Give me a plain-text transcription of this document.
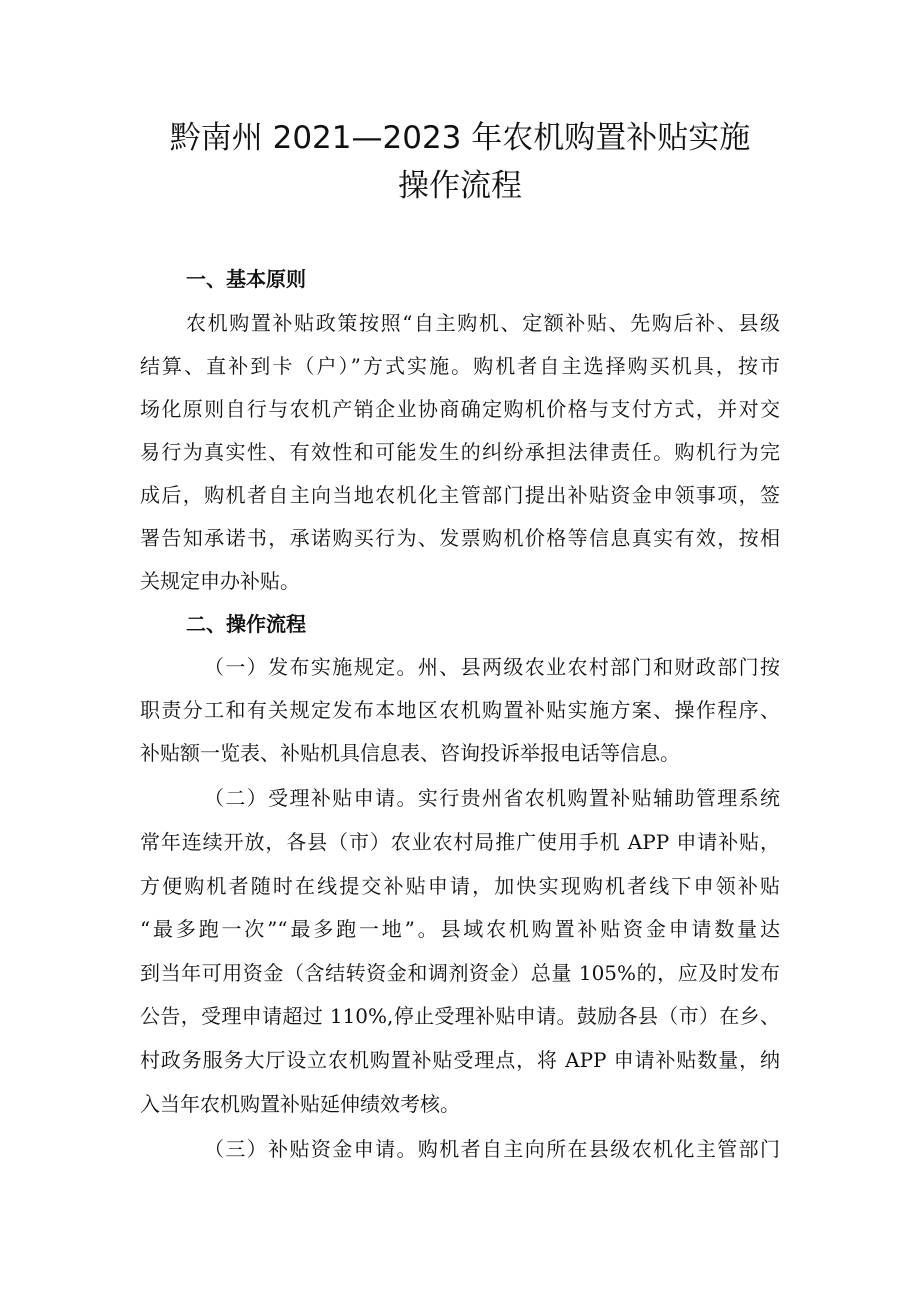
黔南州 2021—2023 年农机购置补贴实施
操作流程
一、基本原则
农机购置补贴政策按照“自主购机、定额补贴、先购后补、县级
结算、直补到卡（户）”方式实施。购机者自主选择购买机具，按市
场化原则自行与农机产销企业协商确定购机价格与支付方式，并对交
易行为真实性、有效性和可能发生的纠纷承担法律责任。购机行为完
成后，购机者自主向当地农机化主管部门提出补贴资金申领事项，签
署告知承诺书，承诺购买行为、发票购机价格等信息真实有效，按相
关规定申办补贴。
二、操作流程
（一）发布实施规定。州、县两级农业农村部门和财政部门按
职责分工和有关规定发布本地区农机购置补贴实施方案、操作程序、
补贴额一览表、补贴机具信息表、咨询投诉举报电话等信息。
（二）受理补贴申请。实行贵州省农机购置补贴辅助管理系统
常年连续开放，各县（市）农业农村局推广使用手机 APP 申请补贴，
方便购机者随时在线提交补贴申请，加快实现购机者线下申领补贴
“最多跑一次”“最多跑一地”。县域农机购置补贴资金申请数量达
到当年可用资金（含结转资金和调剂资金）总量 105%的，应及时发布
公告，受理申请超过 110%,停止受理补贴申请。鼓励各县（市）在乡、
村政务服务大厅设立农机购置补贴受理点，将 APP 申请补贴数量，纳
入当年农机购置补贴延伸绩效考核。
（三）补贴资金申请。购机者自主向所在县级农机化主管部门
